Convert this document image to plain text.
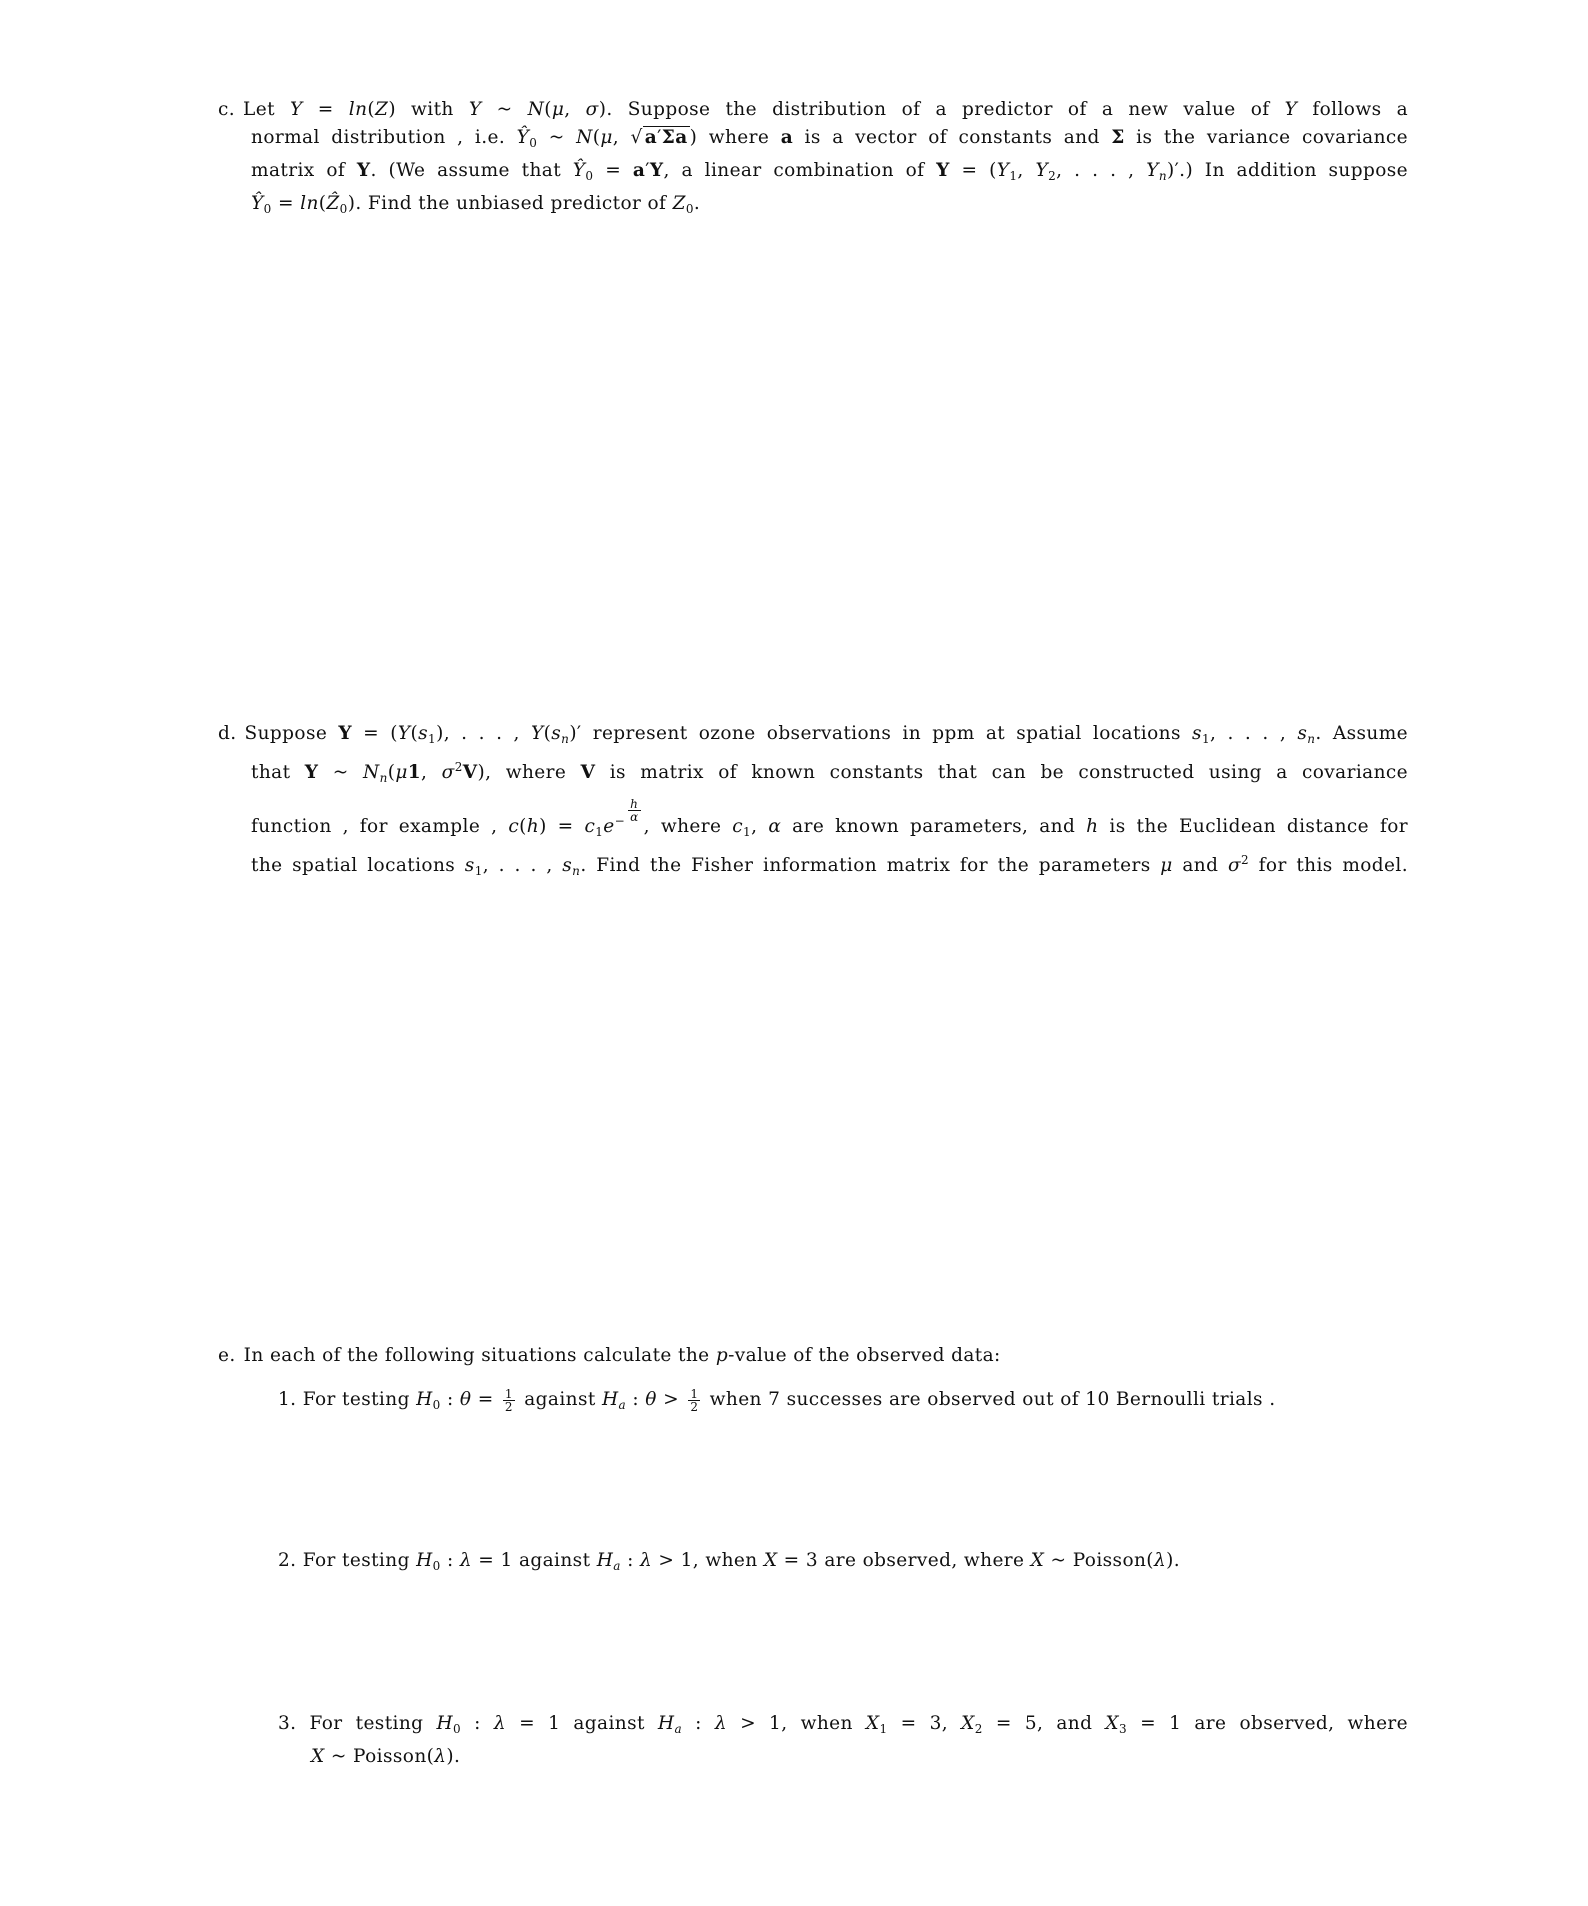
c. Let Y = ln(Z) with Y ~ N(μ, σ). Suppose the distribution of a predictor of a new value of Y follows a
normal distribution , i.e. $Ŷ_0$ ~ N(μ, √ a′Σa ) where a is a vector of constants and Σ is the variance covariance
matrix of Y. (We assume that $Ŷ_0 = a'Y$, a linear combination of $Y = (Y_1$, $Y_2$, . . . , $Y_n)'$.) In addition suppose
$Ŷ_0$ = ln(Ẑ$_0$). Find the unbiased predictor of $Z_0$.
d. Suppose $Y = (Y(s_1)$, . . . , $Y(s_n)'$ represent ozone observations in ppm at spatial locations $s_1$, . . . , $s_n$. Assume
that Y ~ $N_n(\mu 1$, $\sigma^2V$), where V is matrix of known constants that can be constructed using a covariance
function , for example , $c(h) = c_1e^{- \frac{h}{\alpha}}$
, where $c_1$, α are known parameters, and h is the Euclidean distance for
the spatial locations $s_1$, . . . , $s_n$. Find the Fisher information matrix for the parameters μ and $\sigma^2$ for this model.
e. In each of the following situations calculate the p-value of the observed data:
1. For testing $H_0$ : $\theta = \frac{1}{2}$ against $H_a$ : $\theta > \frac{1}{2}$ when 7 successes are observed out of 10 Bernoulli trials .
2. For testing $H_0$ : λ = 1 against $H_a$ : λ > 1, when X = 3 are observed, where X ~ Poisson(λ).
3. For testing $H_0$ : λ = 1 against $H_a$ : λ > 1, when $X_1 = 3$, $X_2 = 5$, and $X_3 = 1$ are observed, where
X ~ Poisson(λ).
